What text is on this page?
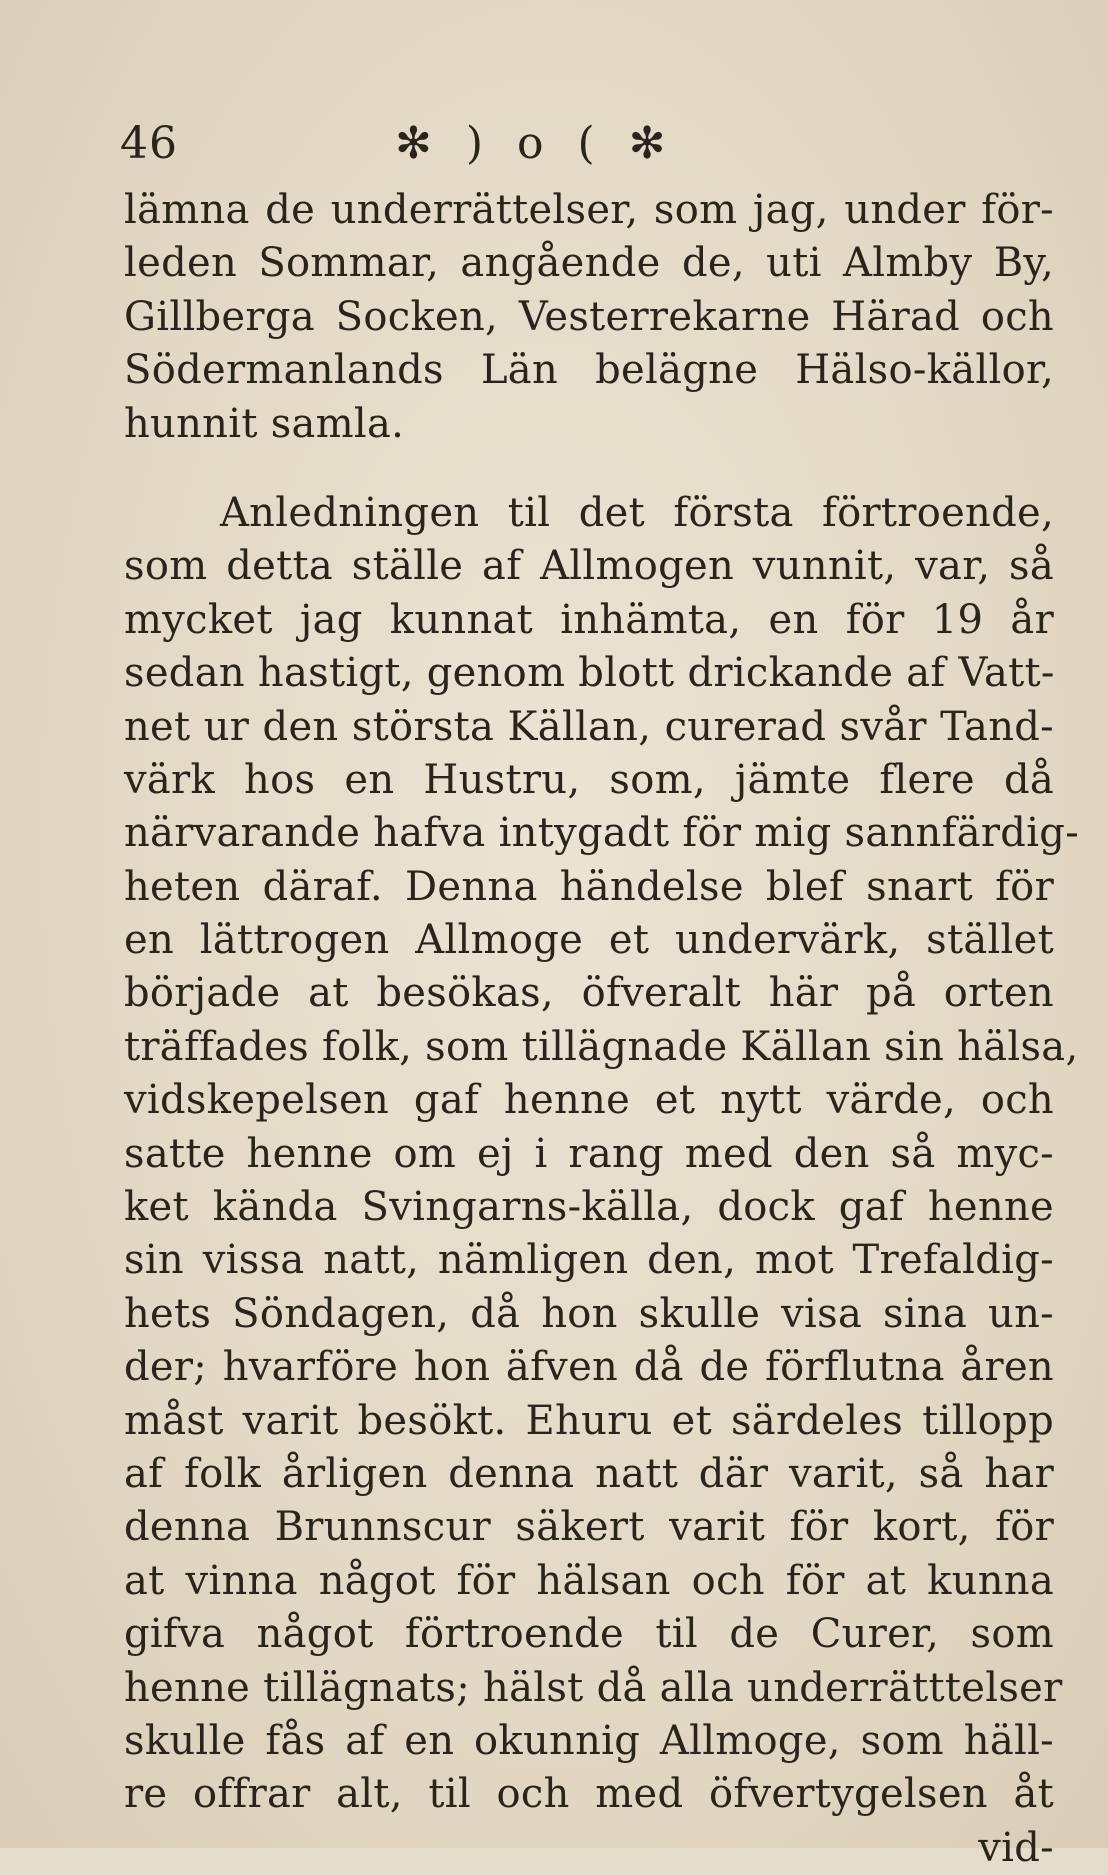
46	✻ ) o ( ✻
lämna de underrättelser, som jag, under för-
leden Sommar, angående de, uti Almby By,
Gillberga Socken, Vesterrekarne Härad och
Södermanlands Län belägne Hälso-källor,
hunnit samla.
Anledningen til det första förtroende,
som detta ställe af Allmogen vunnit, var, så
mycket jag kunnat inhämta, en för 19 år
sedan hastigt, genom blott drickande af Vatt-
net ur den största Källan, curerad svår Tand-
värk hos en Hustru, som, jämte flere då
närvarande hafva intygadt för mig sannfärdig-
heten däraf. Denna händelse blef snart för
en lättrogen Allmoge et undervärk, stället
började at besökas, öfveralt här på orten
träffades folk, som tillägnade Källan sin hälsa,
vidskepelsen gaf henne et nytt värde, och
satte henne om ej i rang med den så myc-
ket kända Svingarns-källa, dock gaf henne
sin vissa natt, nämligen den, mot Trefaldig-
hets Söndagen, då hon skulle visa sina un-
der; hvarföre hon äfven då de förflutna åren
måst varit besökt. Ehuru et särdeles tillopp
af folk årligen denna natt där varit, så har
denna Brunnscur säkert varit för kort, för
at vinna något för hälsan och för at kunna
gifva något förtroende til de Curer, som
henne tillägnats; hälst då alla underrätttelser
skulle fås af en okunnig Allmoge, som häll-
re offrar alt, til och med öfvertygelsen åt
vid-
